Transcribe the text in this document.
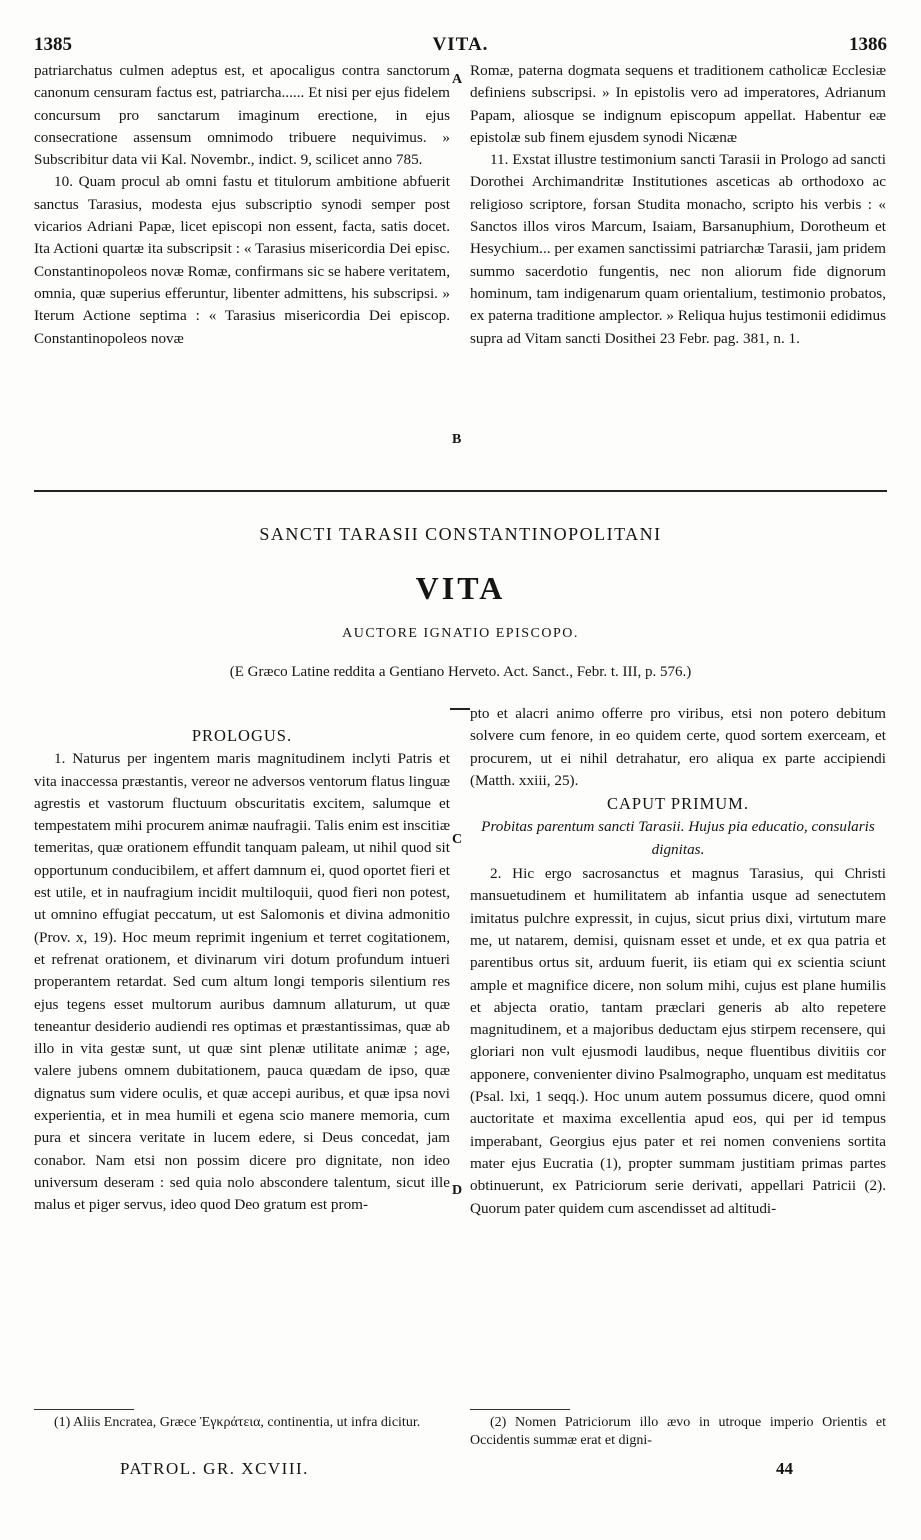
1385	VITA.	1386

patriarchatus culmen adeptus est, et apocaligus contra sanctorum canonum censuram factus est, patriarcha...... Et nisi per ejus fidelem concursum pro sanctarum imaginum erectione, in ejus consecratione assensum omnimodo tribuere nequivimus. » Subscribitur data vii Kal. Novembr., indict. 9, scilicet anno 785.

10. Quam procul ab omni fastu et titulorum ambitione abfuerit sanctus Tarasius, modesta ejus subscriptio synodi semper post vicarios Adriani Papæ, licet episcopi non essent, facta, satis docet. Ita Actioni quartæ ita subscripsit : « Tarasius misericordia Dei episc. Constantinopoleos novæ Romæ, confirmans sic se habere veritatem, omnia, quæ superius efferuntur, libenter admittens, his subscripsi. » Iterum Actione septima : « Tarasius misericordia Dei episcop. Constantinopoleos novæ

A
B

Romæ, paterna dogmata sequens et traditionem catholicæ Ecclesiæ definiens subscripsi. » In epistolis vero ad imperatores, Adrianum Papam, aliosque se indignum episcopum appellat. Habentur eæ epistolæ sub finem ejusdem synodi Nicænæ

11. Exstat illustre testimonium sancti Tarasii in Prologo ad sancti Dorothei Archimandritæ Institutiones asceticas ab orthodoxo ac religioso scriptore, forsan Studita monacho, scripto his verbis : « Sanctos illos viros Marcum, Isaiam, Barsanuphium, Dorotheum et Hesychium... per examen sanctissimi patriarchæ Tarasii, jam pridem summo sacerdotio fungentis, nec non aliorum fide dignorum hominum, tam indigenarum quam orientalium, testimonio probatos, ex paterna traditione amplector. » Reliqua hujus testimonii edidimus supra ad Vitam sancti Dosithei 23 Febr. pag. 381, n. 1.

SANCTI TARASII CONSTANTINOPOLITANI
VITA
AUCTORE IGNATIO EPISCOPO.
(E Græco Latine reddita a Gentiano Herveto. Act. Sanct., Febr. t. III, p. 576.)

PROLOGUS.

1. Naturus per ingentem maris magnitudinem inclyti Patris et vita inaccessa præstantis, vereor ne adversos ventorum flatus linguæ agrestis et vastorum fluctuum obscuritatis excitem, salumque et tempestatem mihi procurem animæ naufragii. Talis enim est inscitiæ temeritas, quæ orationem effundit tanquam paleam, ut nihil quod sit opportunum conducibilem, et affert damnum ei, quod oportet fieri et est utile, et in naufragium incidit multiloquii, quod fieri non potest, ut omnino effugiat peccatum, ut est Salomonis et divina admonitio (Prov. x, 19). Hoc meum reprimit ingenium et terret cogitationem, et refrenat orationem, et divinarum viri dotum profundum intueri properantem retardat. Sed cum altum longi temporis silentium res ejus tegens esset multorum auribus damnum allaturum, ut quæ teneantur desiderio audiendi res optimas et præstantissimas, quæ ab illo in vita gestæ sunt, ut quæ sint plenæ utilitate animæ ; age, valere jubens omnem dubitationem, pauca quædam de ipso, quæ dignatus sum videre oculis, et quæ accepi auribus, et quæ ipsa novi experientia, et in mea humili et egena scio manere memoria, cum pura et sincera veritate in lucem edere, si Deus concedat, jam conabor. Nam etsi non possim dicere pro dignitate, non ideo universum deseram : sed quia nolo abscondere talentum, sicut ille malus et piger servus, ideo quod Deo gratum est prom-

C
D

pto et alacri animo offerre pro viribus, etsi non potero debitum solvere cum fenore, in eo quidem certe, quod sortem exerceam, et procurem, ut ei nihil detrahatur, ero aliqua ex parte accipiendi (Matth. xxiii, 25).

CAPUT PRIMUM.

Probitas parentum sancti Tarasii. Hujus pia educatio, consularis dignitas.

2. Hic ergo sacrosanctus et magnus Tarasius, qui Christi mansuetudinem et humilitatem ab infantia usque ad senectutem imitatus pulchre expressit, in cujus, sicut prius dixi, virtutum mare me, ut natarem, demisi, quisnam esset et unde, et ex qua patria et parentibus ortus sit, arduum fuerit, iis etiam qui ex scientia sciunt ample et magnifice dicere, non solum mihi, cujus est plane humilis et abjecta oratio, tantam præclari generis ab alto repetere magnitudinem, et a majoribus deductam ejus stirpem recensere, qui gloriari non vult ejusmodi laudibus, neque fluentibus divitiis cor apponere, convenienter divino Psalmographo, unquam est meditatus (Psal. lxi, 1 seqq.). Hoc unum autem possumus dicere, quod omni auctoritate et maxima excellentia apud eos, qui per id tempus imperabant, Georgius ejus pater et rei nomen conveniens sortita mater ejus Eucratia (1), propter summam justitiam primas partes obtinuerunt, ex Patriciorum serie derivati, appellari Patricii (2). Quorum pater quidem cum ascendisset ad altitudi-

(1) Aliis Encratea, Græce Ἐγκράτεια, continentia, ut infra dicitur.	(2) Nomen Patriciorum illo ævo in utroque imperio Orientis et Occidentis summæ erat et digni-

PATROL. GR. XCVIII.	44
